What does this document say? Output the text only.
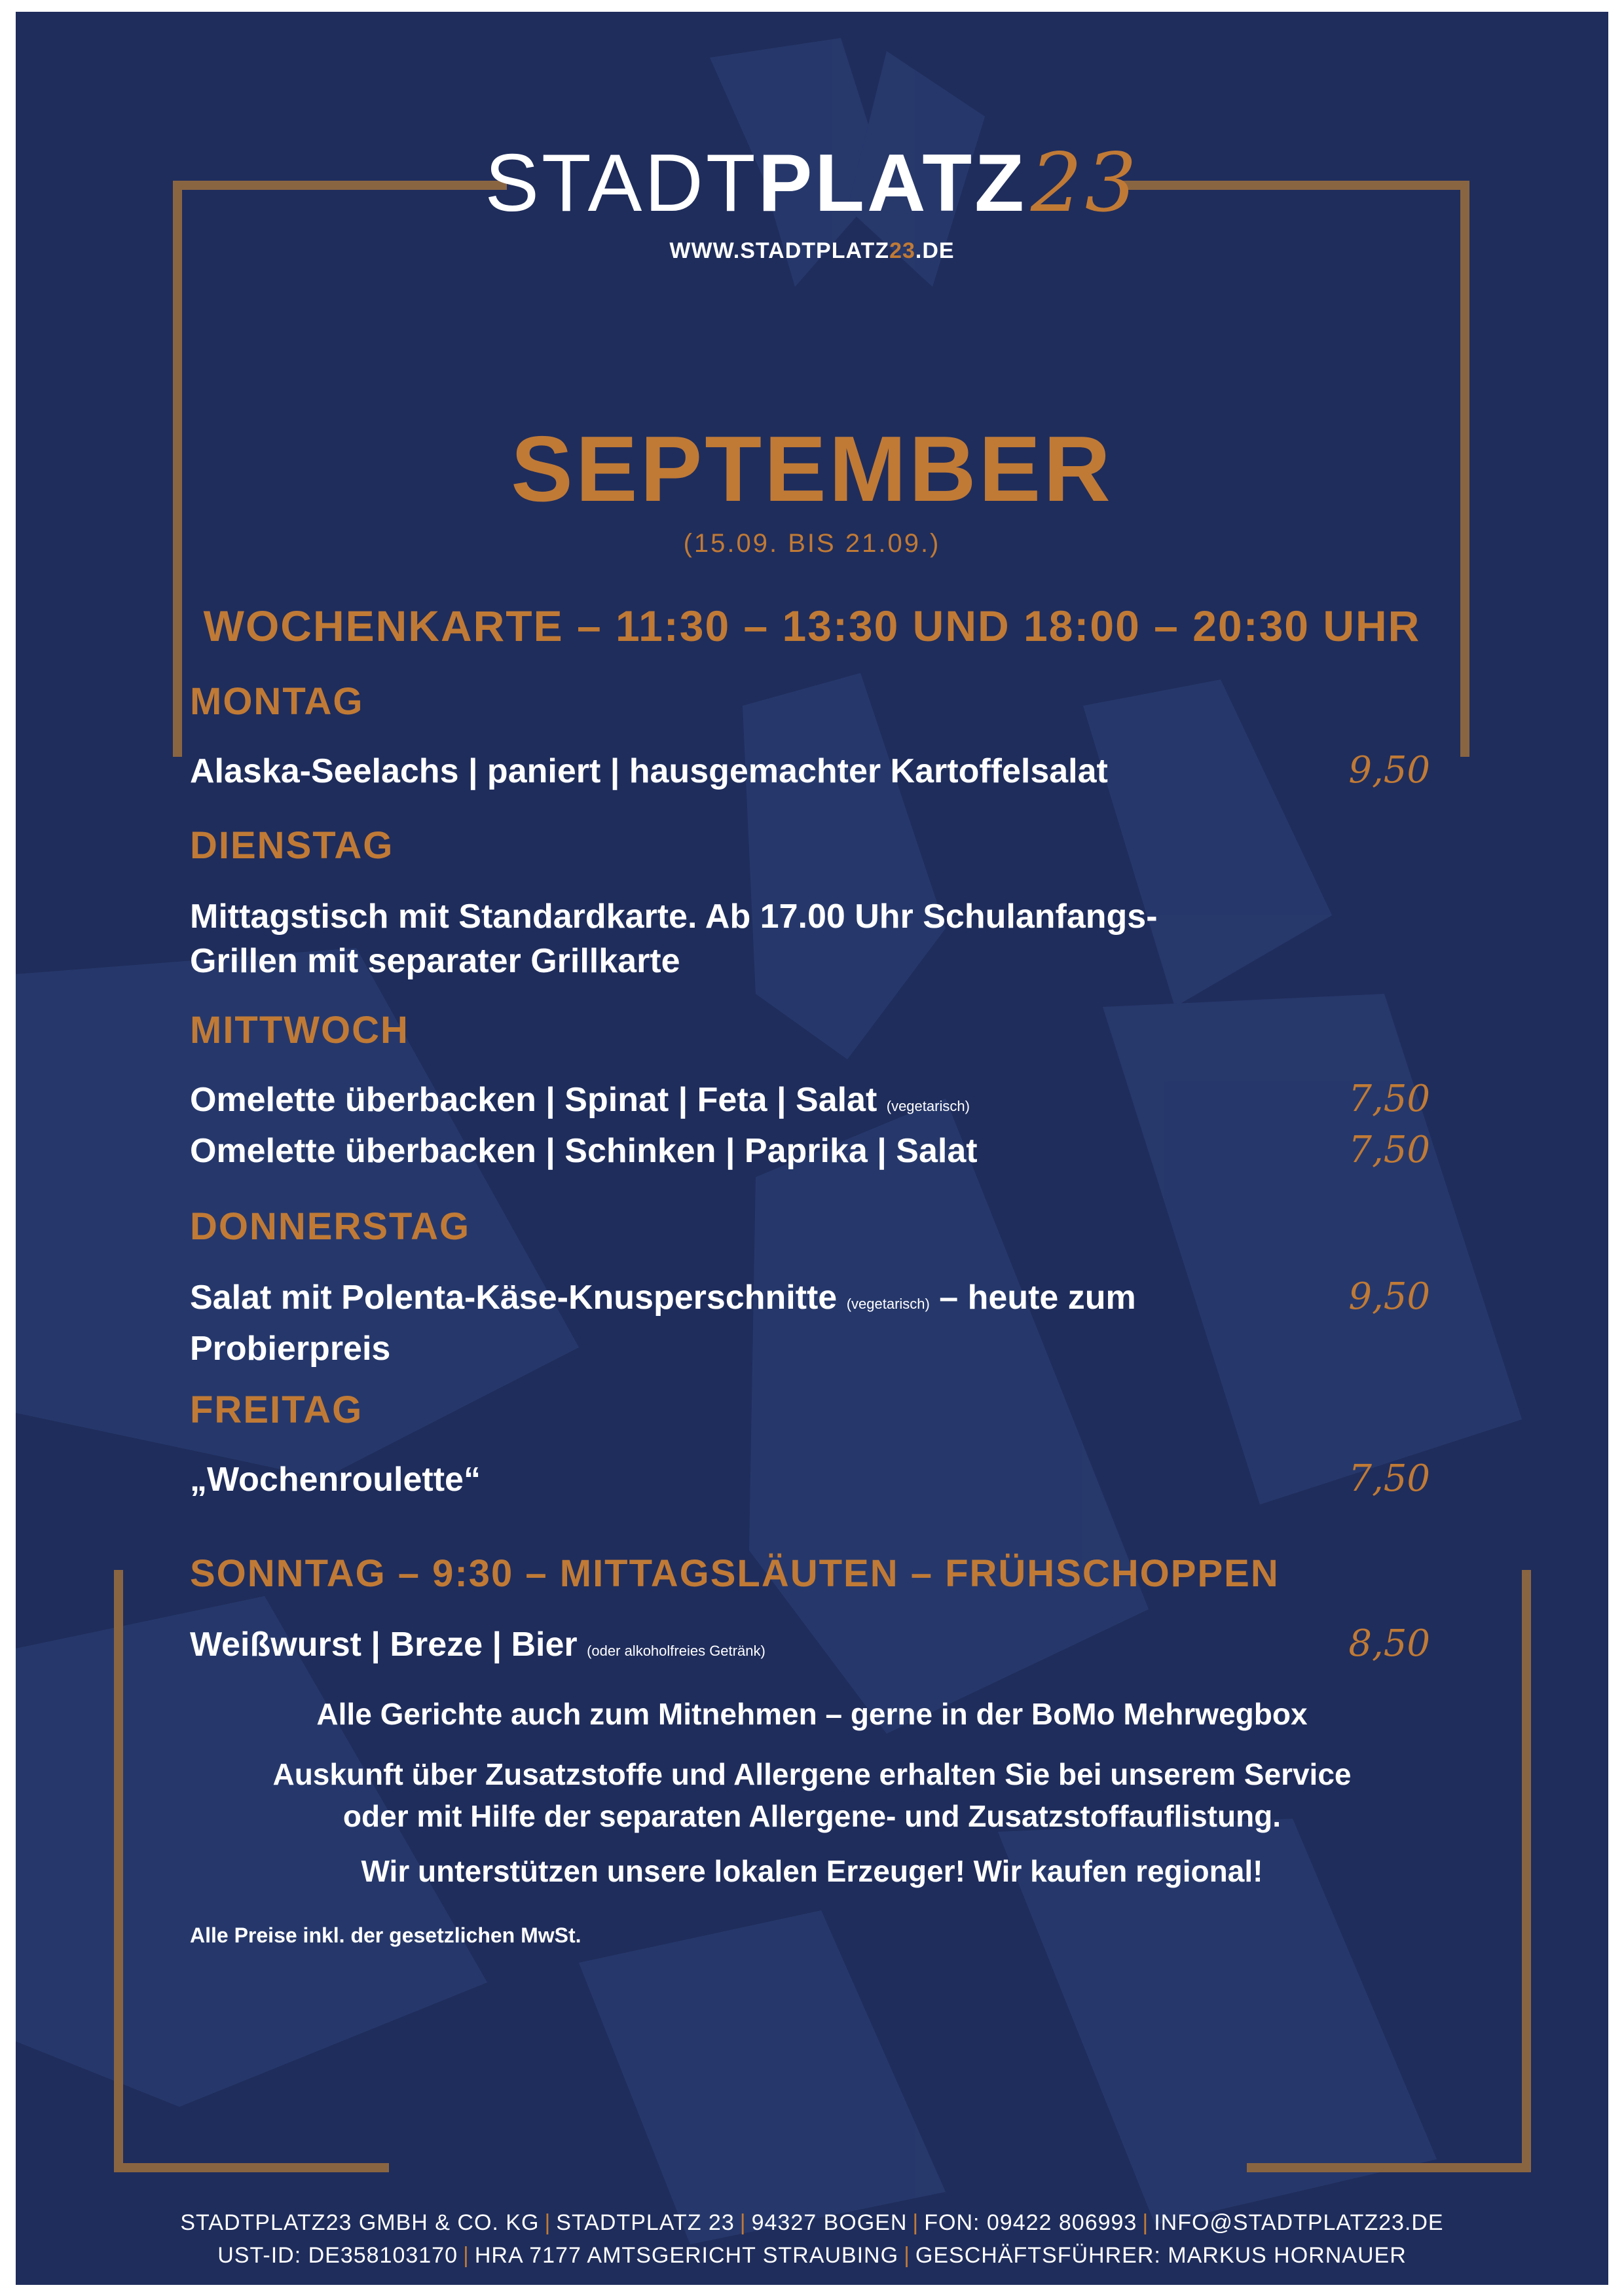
STADTPLATZ23
WWW.STADTPLATZ23.DE
SEPTEMBER
(15.09. BIS 21.09.)
WOCHENKARTE – 11:30 – 13:30 UND 18:00 – 20:30 UHR
MONTAG
Alaska-Seelachs | paniert | hausgemachter Kartoffelsalat	9,50
DIENSTAG
Mittagstisch mit Standardkarte. Ab 17.00 Uhr Schulanfangs-
Grillen mit separater Grillkarte
MITTWOCH
Omelette überbacken | Spinat | Feta | Salat (vegetarisch)	7,50
Omelette überbacken | Schinken | Paprika | Salat	7,50
DONNERSTAG
Salat mit Polenta-Käse-Knusperschnitte (vegetarisch) – heute zum
Probierpreis
9,50
FREITAG
„Wochenroulette“	7,50
SONNTAG – 9:30 – MITTAGSLÄUTEN – FRÜHSCHOPPEN
Weißwurst | Breze | Bier (oder alkoholfreies Getränk)	8,50
Alle Gerichte auch zum Mitnehmen – gerne in der BoMo Mehrwegbox
Auskunft über Zusatzstoffe und Allergene erhalten Sie bei unserem Service
oder mit Hilfe der separaten Allergene- und Zusatzstoffauflistung.
Wir unterstützen unsere lokalen Erzeuger! Wir kaufen regional!
Alle Preise inkl. der gesetzlichen MwSt.
STADTPLATZ23 GMBH & CO. KG | STADTPLATZ 23 | 94327 BOGEN | FON: 09422 806993 | INFO@STADTPLATZ23.DE
UST-ID: DE358103170 | HRA 7177 AMTSGERICHT STRAUBING | GESCHÄFTSFÜHRER: MARKUS HORNAUER
